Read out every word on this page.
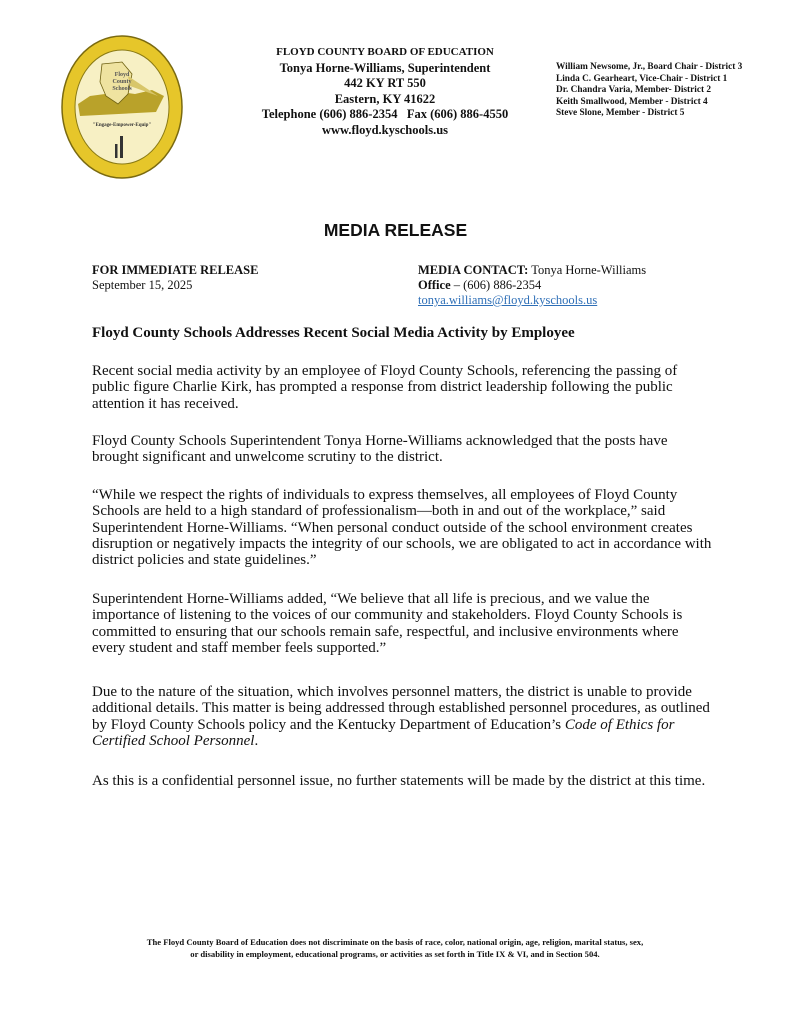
Floyd
County
Schools
"Engage-Empower-Equip"
FLOYD COUNTY BOARD OF EDUCATION
Tonya Horne-Williams, Superintendent
442 KY RT 550
Eastern, KY 41622
Telephone (606) 886-2354   Fax (606) 886-4550
www.floyd.kyschools.us
William Newsome, Jr., Board Chair - District 3
Linda C. Gearheart, Vice-Chair - District 1
Dr. Chandra Varia, Member- District 2
Keith Smallwood, Member - District 4
Steve Slone, Member - District 5
MEDIA RELEASE
FOR IMMEDIATE RELEASE
September 15, 2025
MEDIA CONTACT: Tonya Horne-Williams
Office – (606) 886-2354
tonya.williams@floyd.kyschools.us
Floyd County Schools Addresses Recent Social Media Activity by Employee

Recent social media activity by an employee of Floyd County Schools, referencing the passing of public figure Charlie Kirk, has prompted a response from district leadership following the public attention it has received.

Floyd County Schools Superintendent Tonya Horne-Williams acknowledged that the posts have brought significant and unwelcome scrutiny to the district.

“While we respect the rights of individuals to express themselves, all employees of Floyd County Schools are held to a high standard of professionalism—both in and out of the workplace,” said Superintendent Horne-Williams. “When personal conduct outside of the school environment creates disruption or negatively impacts the integrity of our schools, we are obligated to act in accordance with district policies and state guidelines.”

Superintendent Horne-Williams added, “We believe that all life is precious, and we value the importance of listening to the voices of our community and stakeholders. Floyd County Schools is committed to ensuring that our schools remain safe, respectful, and inclusive environments where every student and staff member feels supported.”

Due to the nature of the situation, which involves personnel matters, the district is unable to provide additional details. This matter is being addressed through established personnel procedures, as outlined by Floyd County Schools policy and the Kentucky Department of Education’s Code of Ethics for Certified School Personnel.

As this is a confidential personnel issue, no further statements will be made by the district at this time.

The Floyd County Board of Education does not discriminate on the basis of race, color, national origin, age, religion, marital status, sex,
or disability in employment, educational programs, or activities as set forth in Title IX & VI, and in Section 504.
